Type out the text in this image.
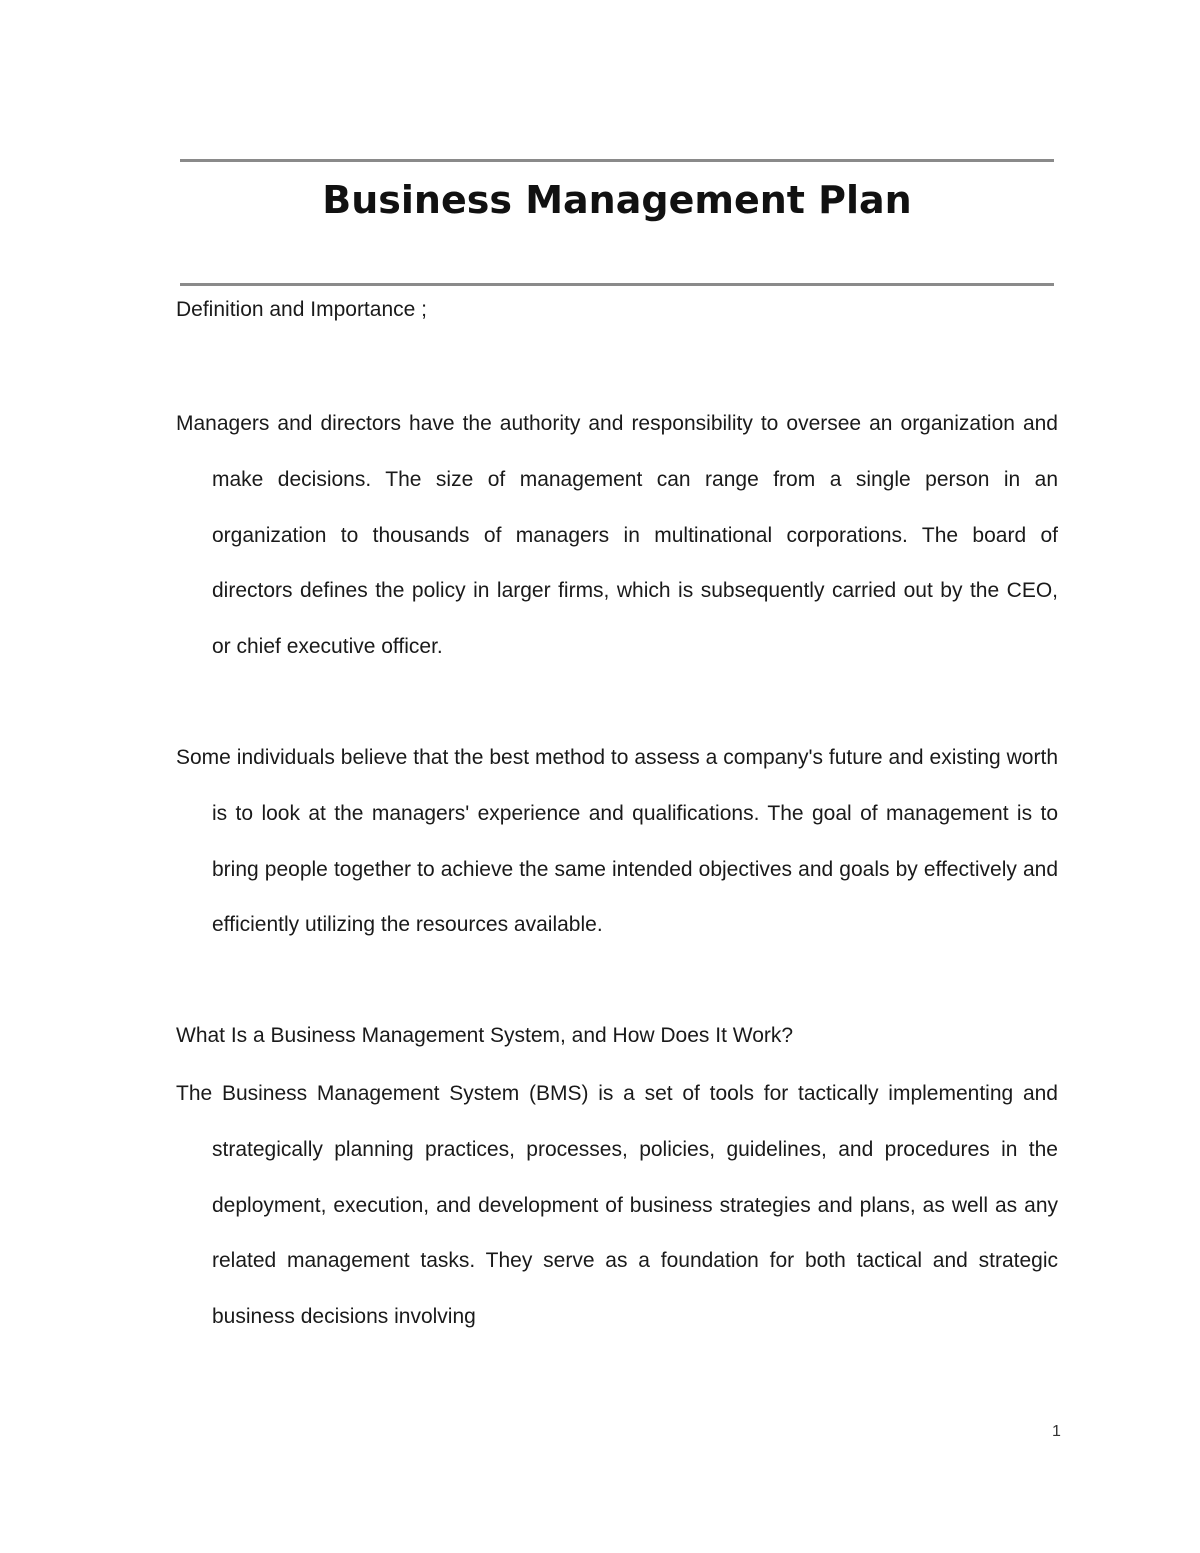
Business Management Plan

Definition and Importance ;

Managers and directors have the authority and responsibility to oversee an organization and make decisions. The size of management can range from a single person in an organization to thousands of managers in multinational corporations. The board of directors defines the policy in larger firms, which is subsequently carried out by the CEO, or chief executive officer.

Some individuals believe that the best method to assess a company's future and existing worth is to look at the managers' experience and qualifications. The goal of management is to bring people together to achieve the same intended objectives and goals by effectively and efficiently utilizing the resources available.

What Is a Business Management System, and How Does It Work?

The Business Management System (BMS) is a set of tools for tactically implementing and strategically planning practices, processes, policies, guidelines, and procedures in the deployment, execution, and development of business strategies and plans, as well as any related management tasks. They serve as a foundation for both tactical and strategic business decisions involving

1
